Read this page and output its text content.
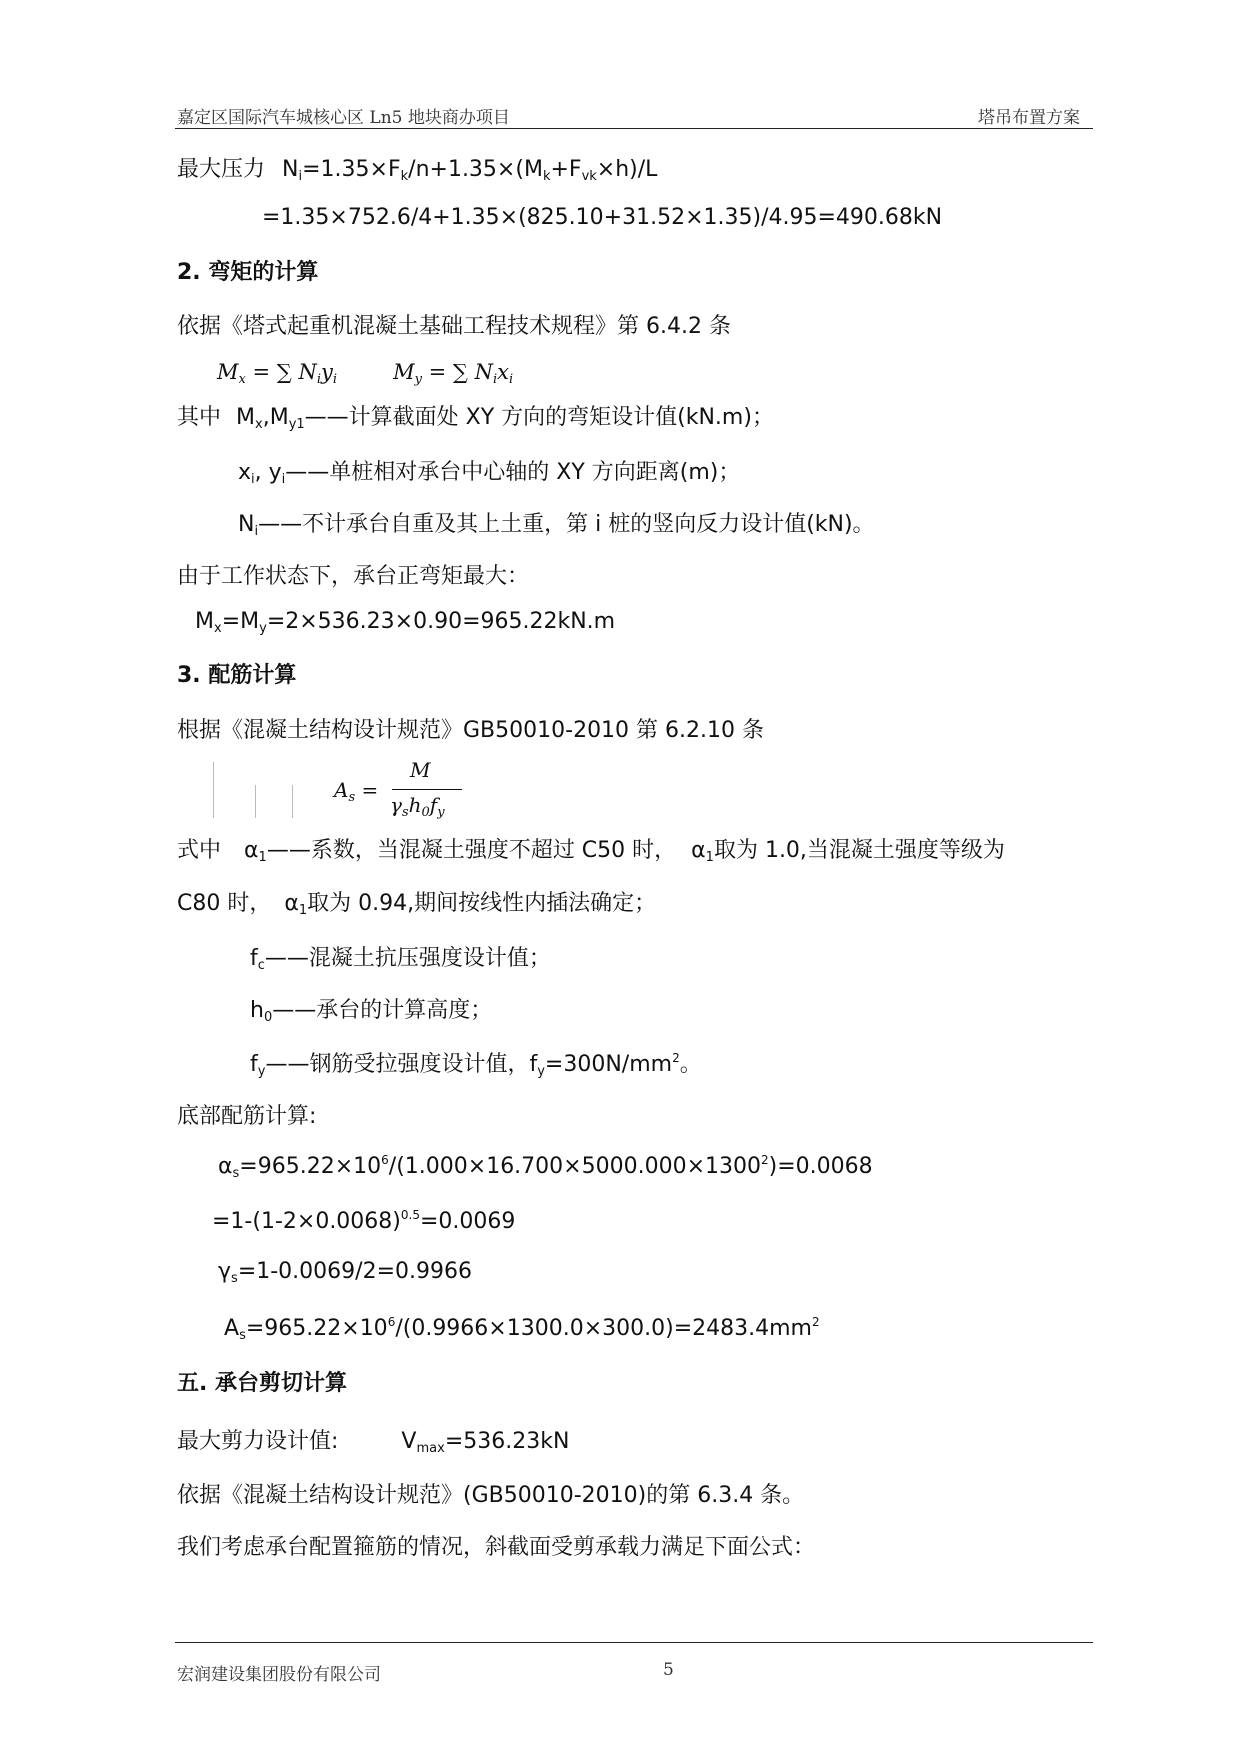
嘉定区国际汽车城核心区 Ln5 地块商办项目	塔吊布置方案
最大压力 $N_i=1.35\times F_k/n+1.35\times(M_k+F_{vk}\times h)/L$
=1.35×752.6/4+1.35×(825.10+31.52×1.35)/4.95=490.68kN
2. 弯矩的计算
依据《塔式起重机混凝土基础工程技术规程》第 6.4.2 条
$M_x$ = ∑ $N_iy_i$	$M_y$ = ∑ $N_ix_i$
其中 $M_x,M_{y1}——$计算截面处 XY 方向的弯矩设计值(kN.m)；
$x_i$, $y_i——$单桩相对承台中心轴的 XY 方向距离(m)；
$N_i——$不计承台自重及其上土重，第 i 桩的竖向反力设计值(kN)。
由于工作状态下，承台正弯矩最大：
$M_x=M_y=2\times 536.23\times 0.90=965.22kN.m$
3. 配筋计算
根据《混凝土结构设计规范》GB50010-2010 第 6.2.10 条
$A_s$ =
M
$\gamma_sh_0f_y$
式中 $\alpha_1——$系数，当混凝土强度不超过 C50 时， $\alpha_1$取为 1.0,当混凝土强度等级为
C80 时， $\alpha_1$取为 0.94,期间按线性内插法确定；
$f_c——$混凝土抗压强度设计值；
$h_0——$承台的计算高度；
$f_y——$钢筋受拉强度设计值，$f_y=300N/mm^2$。
底部配筋计算:
$\alpha_s=965.22\times 10^6/(1.000\times 16.700\times 5000.000\times 1300^2)=0.0068$
$=1-(1-2\times 0.0068)^{0.5}=0.0069$
$\gamma_s=1-0.0069/2=0.9966$
$A_s=965.22\times 10^6/(0.9966\times 1300.0\times 300.0)=2483.4mm^2$
五. 承台剪切计算
最大剪力设计值:	$V_{max}=536.23kN$
依据《混凝土结构设计规范》(GB50010-2010)的第 6.3.4 条。
我们考虑承台配置箍筋的情况，斜截面受剪承载力满足下面公式：
宏润建设集团股份有限公司	5
